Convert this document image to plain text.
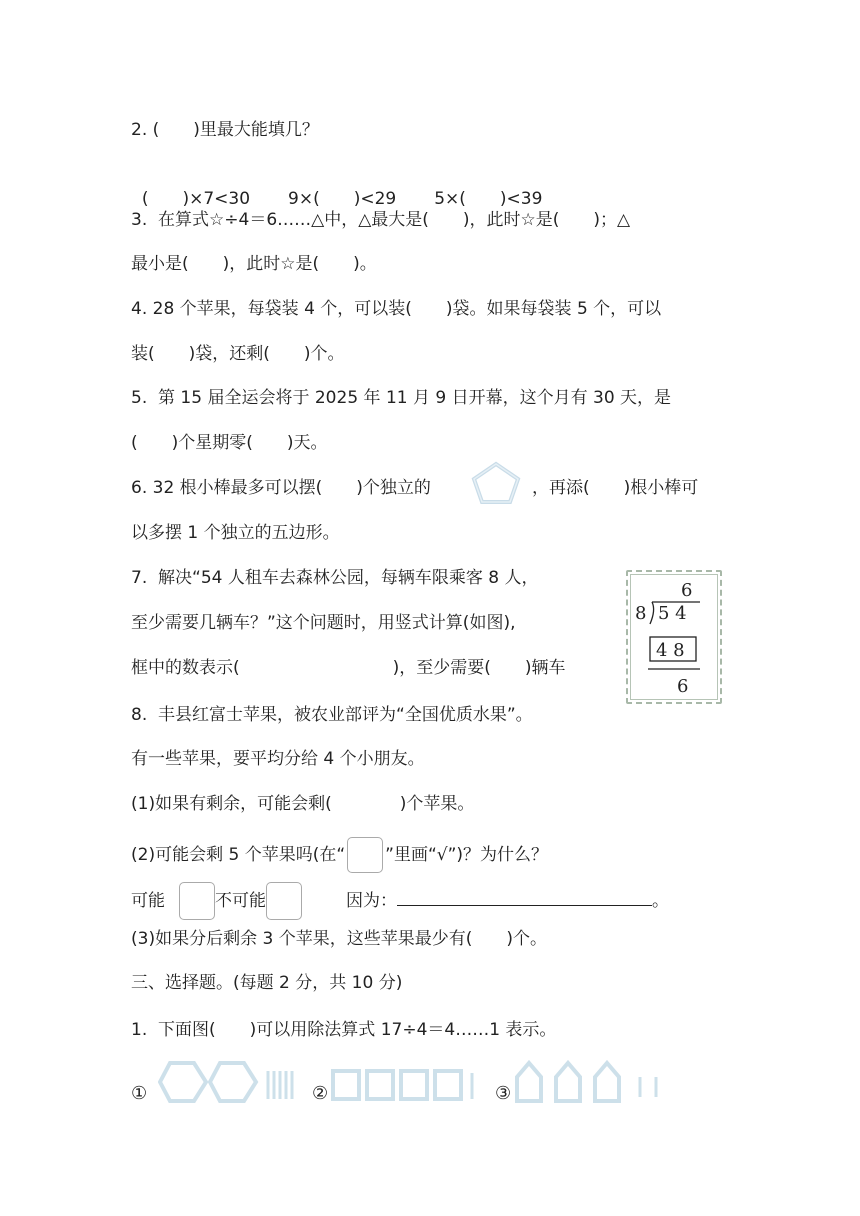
2. (　　)里最大能填几？

(　　)×7<30 9×(　　)<29 5×(　　)<39

3.  在算式☆÷4＝6……△中，△最大是(　　)，此时☆是(　　)；△
最小是(　　)，此时☆是(　　)。
4. 28 个苹果，每袋装 4 个，可以装(　　)袋。如果每袋装 5 个，可以
装(　　)袋，还剩(　　)个。
5.  第 15 届全运会将于 2025 年 11 月 9 日开幕，这个月有 30 天，是
(　　)个星期零(　　)天。
6. 32 根小棒最多可以摆(　　)个独立的	，再添(　　)根小棒可
以多摆 1 个独立的五边形。
7.  解决“54 人租车去森林公园，每辆车限乘客 8 人，
至少需要几辆车？”这个问题时，用竖式计算(如图),
框中的数表示(　　　　　　　　　)，至少需要(　　)辆车
6
8 5 4
4 8
6
8.  丰县红富士苹果，被农业部评为“全国优质水果”。
有一些苹果，要平均分给 4 个小朋友。
(1)如果有剩余，可能会剩(　　　　)个苹果。
(2)可能会剩 5 个苹果吗(在“ ”里画“√”)？为什么？
可能	不可能	因为：	。
(3)如果分后剩余 3 个苹果，这些苹果最少有(　　)个。
三、选择题。(每题 2 分，共 10 分)
1.  下面图(　　)可以用除法算式 17÷4＝4……1 表示。
①	②	③
